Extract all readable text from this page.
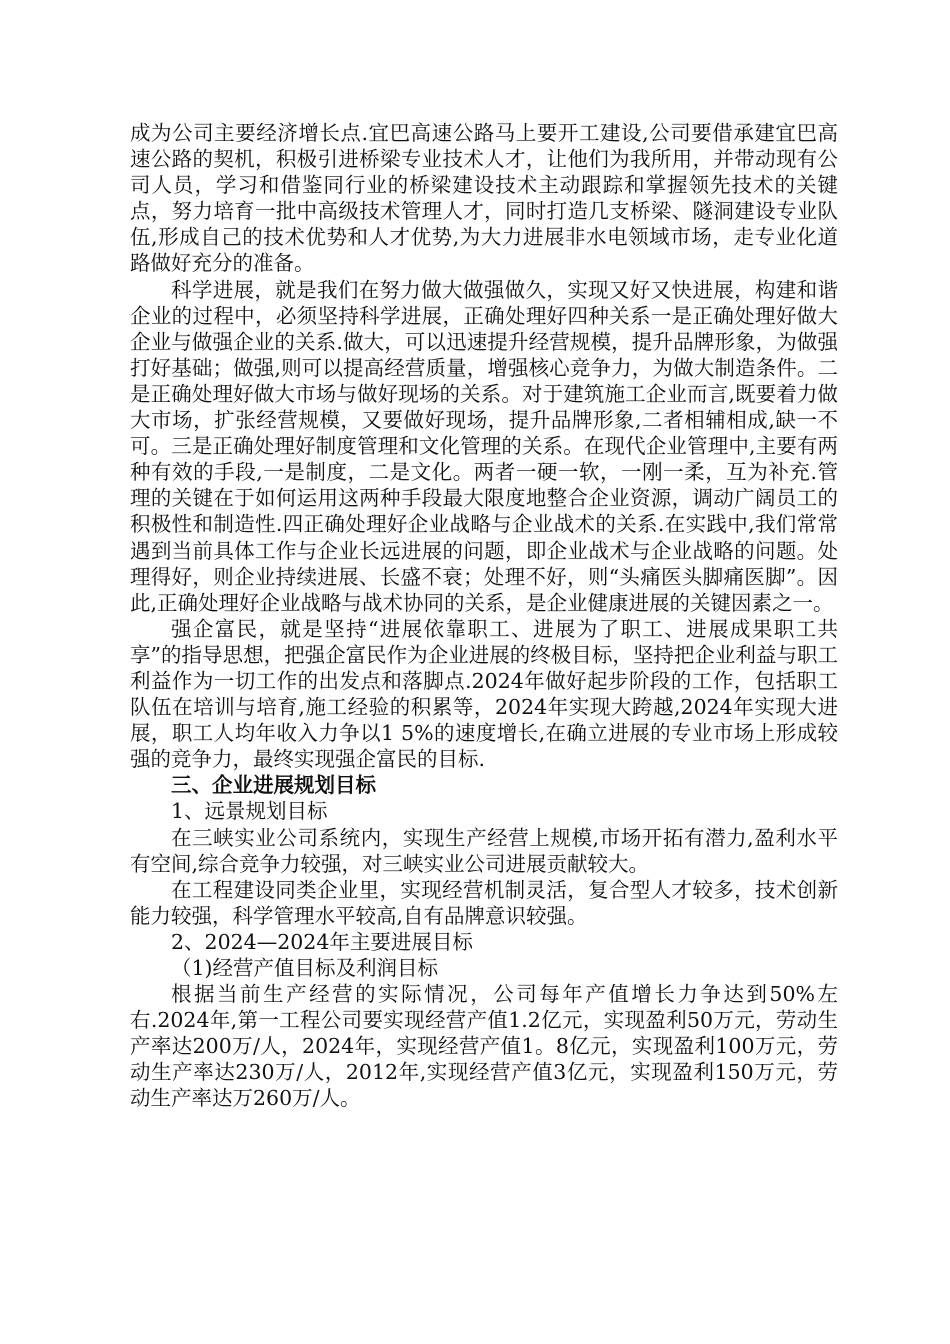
成为公司主要经济增长点.宜巴高速公路马上要开工建设,公司要借承建宜巴高速公路的契机，积极引进桥梁专业技术人才，让他们为我所用，并带动现有公司人员，学习和借鉴同行业的桥梁建设技术主动跟踪和掌握领先技术的关键点，努力培育一批中高级技术管理人才，同时打造几支桥梁、隧洞建设专业队伍,形成自己的技术优势和人才优势,为大力进展非水电领域市场，走专业化道路做好充分的准备。

科学进展，就是我们在努力做大做强做久，实现又好又快进展，构建和谐企业的过程中，必须坚持科学进展，正确处理好四种关系一是正确处理好做大企业与做强企业的关系.做大，可以迅速提升经营规模，提升品牌形象，为做强打好基础；做强,则可以提高经营质量，增强核心竞争力，为做大制造条件。二是正确处理好做大市场与做好现场的关系。对于建筑施工企业而言,既要着力做大市场，扩张经营规模，又要做好现场，提升品牌形象,二者相辅相成,缺一不可。三是正确处理好制度管理和文化管理的关系。在现代企业管理中,主要有两种有效的手段,一是制度，二是文化。两者一硬一软，一刚一柔，互为补充.管理的关键在于如何运用这两种手段最大限度地整合企业资源，调动广阔员工的积极性和制造性.四正确处理好企业战略与企业战术的关系.在实践中,我们常常遇到当前具体工作与企业长远进展的问题，即企业战术与企业战略的问题。处理得好，则企业持续进展、长盛不衰；处理不好，则“头痛医头脚痛医脚”。因此,正确处理好企业战略与战术协同的关系，是企业健康进展的关键因素之一。

强企富民，就是坚持“进展依靠职工、进展为了职工、进展成果职工共享”的指导思想，把强企富民作为企业进展的终极目标，坚持把企业利益与职工利益作为一切工作的出发点和落脚点.2024年做好起步阶段的工作，包括职工队伍在培训与培育,施工经验的积累等，2024年实现大跨越,2024年实现大进展，职工人均年收入力争以1 5%的速度增长,在确立进展的专业市场上形成较强的竞争力，最终实现强企富民的目标.

三、企业进展规划目标

1、远景规划目标

在三峡实业公司系统内，实现生产经营上规模,市场开拓有潜力,盈利水平有空间,综合竞争力较强，对三峡实业公司进展贡献较大。

在工程建设同类企业里，实现经营机制灵活，复合型人才较多，技术创新能力较强，科学管理水平较高,自有品牌意识较强。

2、2024—2024年主要进展目标

（1)经营产值目标及利润目标

根据当前生产经营的实际情况，公司每年产值增长力争达到50%左右.2024年,第一工程公司要实现经营产值1.2亿元，实现盈利50万元，劳动生产率达200万/人，2024年，实现经营产值1。8亿元，实现盈利100万元，劳动生产率达230万/人，2012年,实现经营产值3亿元，实现盈利150万元，劳动生产率达万260万/人。
